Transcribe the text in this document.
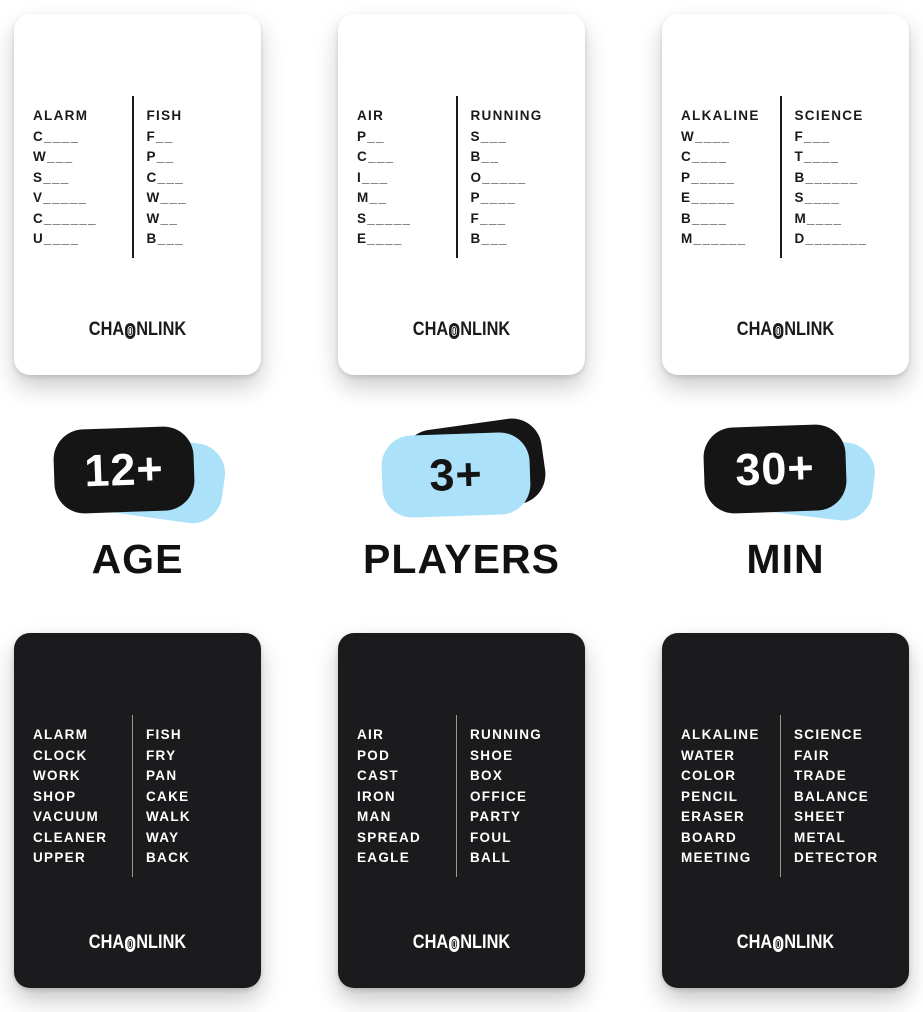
ALARM
C____
W___
S___
V_____
C______
U____
FISH
F__
P__
C___
W___
W__
B___
CHA NLINK
AIR
P__
C___
I___
M__
S_____
E____
RUNNING
S___
B__
O_____
P____
F___
B___
CHA NLINK
ALKALINE
W____
C____
P_____
E_____
B____
M______
SCIENCE
F___
T____
B______
S____
M____
D_______
CHA NLINK
12+
AGE
3+
PLAYERS
30+
MIN
ALARM
CLOCK
WORK
SHOP
VACUUM
CLEANER
UPPER
FISH
FRY
PAN
CAKE
WALK
WAY
BACK
CHA NLINK
AIR
POD
CAST
IRON
MAN
SPREAD
EAGLE
RUNNING
SHOE
BOX
OFFICE
PARTY
FOUL
BALL
CHA NLINK
ALKALINE
WATER
COLOR
PENCIL
ERASER
BOARD
MEETING
SCIENCE
FAIR
TRADE
BALANCE
SHEET
METAL
DETECTOR
CHA NLINK
